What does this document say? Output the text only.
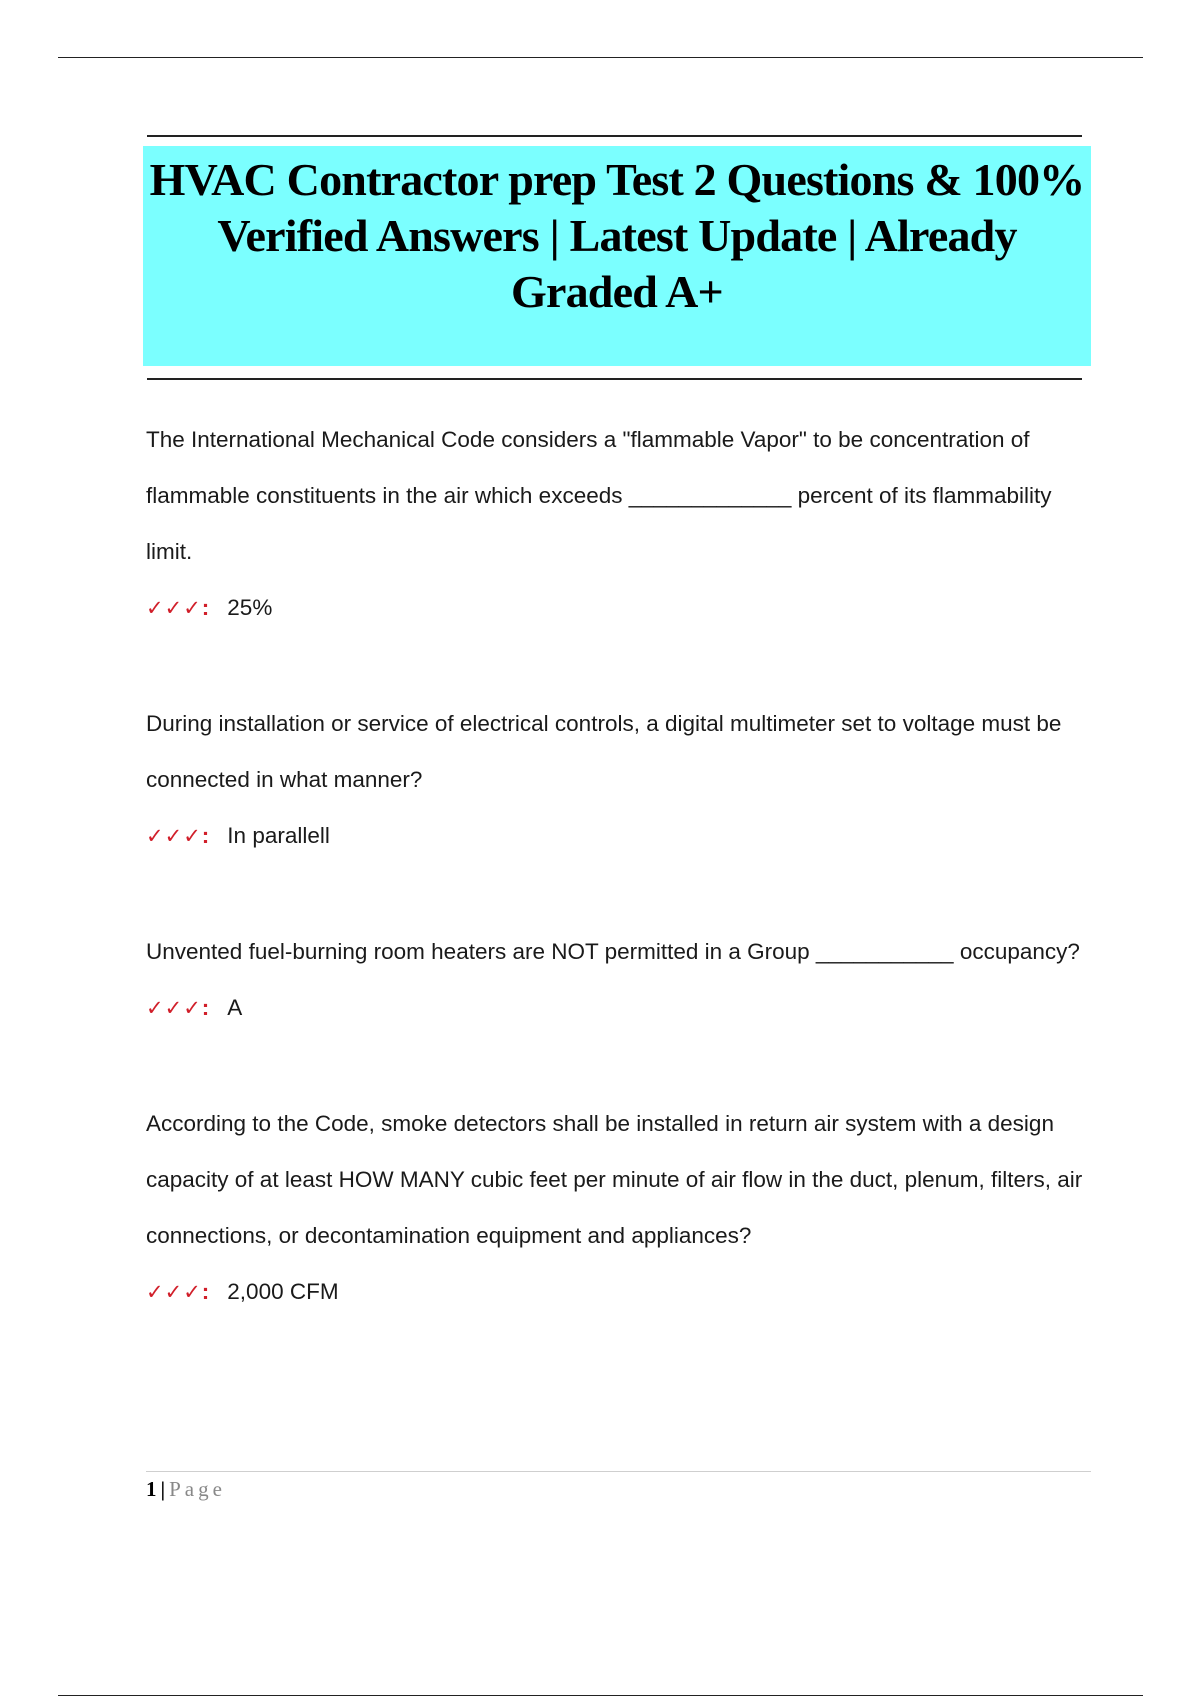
HVAC Contractor prep Test 2 Questions & 100% Verified Answers | Latest Update | Already Graded A+

The International Mechanical Code considers a "flammable Vapor" to be concentration of flammable constituents in the air which exceeds _____________ percent of its flammability limit.

✓✓✓ : 25%

During installation or service of electrical controls, a digital multimeter set to voltage must be connected in what manner?

✓✓✓ : In parallell

Unvented fuel-burning room heaters are NOT permitted in a Group ___________ occupancy?

✓✓✓ : A

According to the Code, smoke detectors shall be installed in return air system with a design capacity of at least HOW MANY cubic feet per minute of air flow in the duct, plenum, filters, air connections, or decontamination equipment and appliances?

✓✓✓ : 2,000 CFM

1 | Page
